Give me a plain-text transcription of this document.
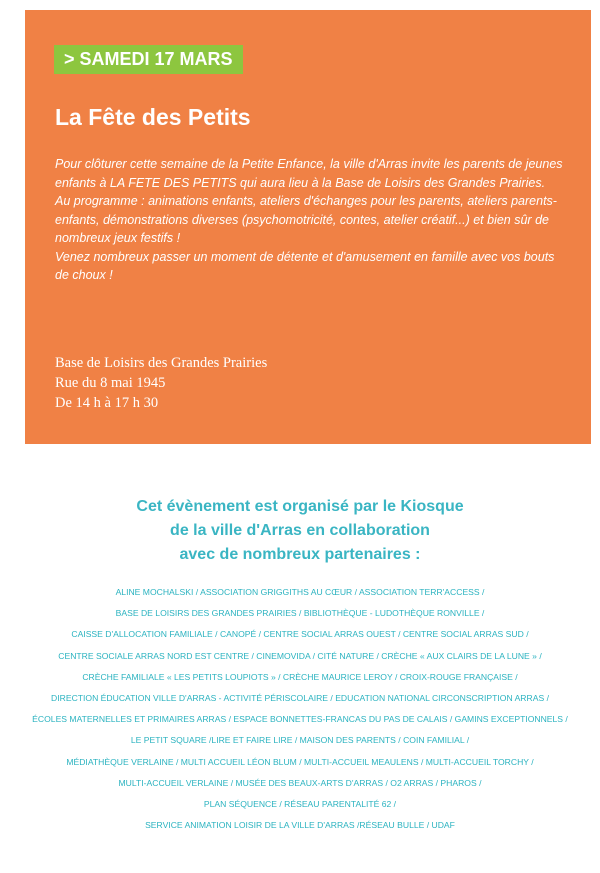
> SAMEDI 17 MARS
La Fête des Petits

Pour clôturer cette semaine de la Petite Enfance, la ville d'Arras invite les parents de jeunes enfants à LA FETE DES PETITS qui aura lieu à la Base de Loisirs des Grandes Prairies.

Au programme : animations enfants, ateliers d'échanges pour les parents, ateliers parents-enfants, démonstrations diverses (psychomotricité, contes, atelier créatif...) et bien sûr de nombreux jeux festifs !

Venez nombreux passer un moment de détente et d'amusement en famille avec vos bouts de choux !

Base de Loisirs des Grandes Prairies
Rue du 8 mai 1945
De 14 h à 17 h 30
Cet évènement est organisé par le Kiosque
de la ville d'Arras en collaboration
avec de nombreux partenaires :
ALINE MOCHALSKI / ASSOCIATION GRIGGITHS AU CŒUR / ASSOCIATION TERR'ACCESS /
BASE DE LOISIRS DES GRANDES PRAIRIES / BIBLIOTHÈQUE - LUDOTHÈQUE RONVILLE /
CAISSE D'ALLOCATION FAMILIALE / CANOPÉ / CENTRE SOCIAL ARRAS OUEST / CENTRE SOCIAL ARRAS SUD /
CENTRE SOCIALE ARRAS NORD EST CENTRE / CINEMOVIDA / CITÉ NATURE / CRÈCHE « AUX CLAIRS DE LA LUNE » /
CRÈCHE FAMILIALE « LES PETITS LOUPIOTS » / CRÈCHE MAURICE LEROY / CROIX-ROUGE FRANÇAISE /
DIRECTION ÉDUCATION VILLE D'ARRAS - ACTIVITÉ PÉRISCOLAIRE / EDUCATION NATIONAL CIRCONSCRIPTION ARRAS /
ÉCOLES MATERNELLES ET PRIMAIRES ARRAS / ESPACE BONNETTES-FRANCAS DU PAS DE CALAIS / GAMINS EXCEPTIONNELS /
LE PETIT SQUARE /LIRE ET FAIRE LIRE / MAISON DES PARENTS / COIN FAMILIAL /
MÉDIATHÈQUE VERLAINE / MULTI ACCUEIL LÉON BLUM / MULTI-ACCUEIL MEAULENS / MULTI-ACCUEIL TORCHY /
MULTI-ACCUEIL VERLAINE / MUSÉE DES BEAUX-ARTS D'ARRAS / O2 ARRAS / PHAROS /
PLAN SÉQUENCE / RÉSEAU PARENTALITÉ 62 /
SERVICE ANIMATION LOISIR DE LA VILLE D'ARRAS /RÉSEAU BULLE / UDAF
